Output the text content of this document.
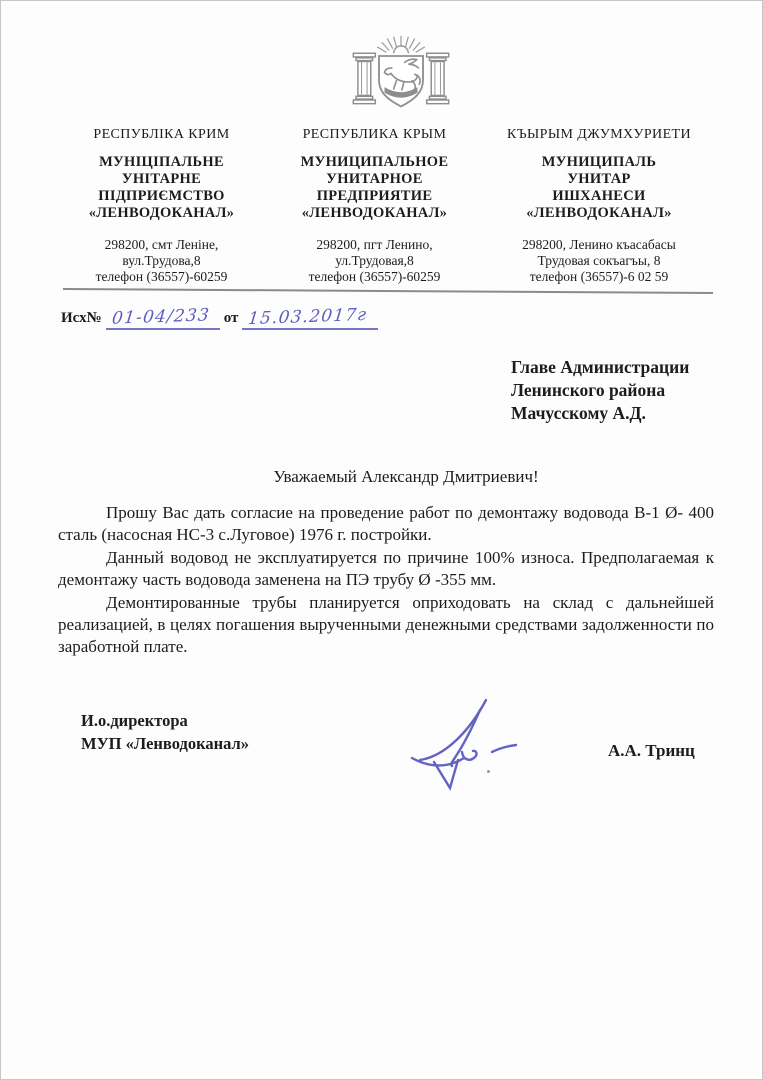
РЕСПУБЛІКА КРИМ
МУНІЦІПАЛЬНЕ
УНІТАРНЕ
ПІДПРИЄМСТВО
«ЛЕНВОДОКАНАЛ»
298200, смт Леніне,
вул.Трудова,8
телефон (36557)-60259
РЕСПУБЛИКА КРЫМ
МУНИЦИПАЛЬНОЕ
УНИТАРНОЕ
ПРЕДПРИЯТИЕ
«ЛЕНВОДОКАНАЛ»
298200, пгт Ленино,
ул.Трудовая,8
телефон (36557)-60259
КЪЫРЫМ ДЖУМХУРИЕТИ
МУНИЦИПАЛЬ
УНИТАР
ИШХАНЕСИ
«ЛЕНВОДОКАНАЛ»
298200, Ленино къасабасы
Трудовая сокъагъы, 8
телефон (36557)-6 02 59
Исх№ 01-04/233 от 15.03.2017г
Главе Администрации
Ленинского района
Мачусскому А.Д.
Уважаемый Александр Дмитриевич!

Прошу Вас дать согласие на проведение работ по демонтажу водовода В-1 Ø- 400 сталь (насосная НС-3 с.Луговое) 1976 г. постройки.

Данный водовод не эксплуатируется по причине 100% износа. Предполагаемая к демонтажу часть водовода заменена на ПЭ трубу Ø -355 мм.

Демонтированные трубы планируется оприходовать на склад с дальнейшей реализацией, в целях погашения вырученными денежными средствами задолженности по заработной плате.

И.о.директора
МУП «Ленводоканал»	А.А. Тринц
